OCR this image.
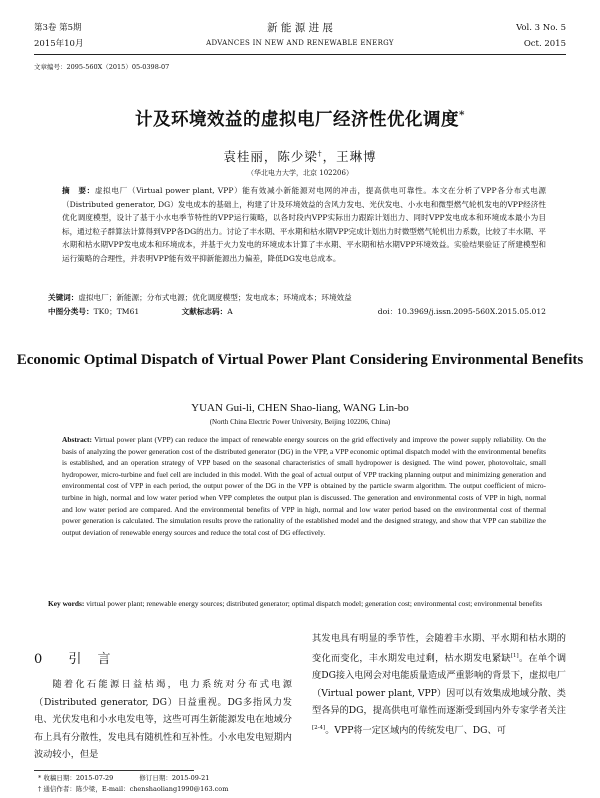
第3卷 第5期
2015年10月
新 能 源 进 展
ADVANCES IN NEW AND RENEWABLE ENERGY
Vol. 3 No. 5
Oct. 2015
文章编号：2095-560X（2015）05-0398-07
计及环境效益的虚拟电厂经济性优化调度*
袁桂丽，陈少梁†，王琳博
（华北电力大学，北京 102206）
摘　要：虚拟电厂（Virtual power plant, VPP）能有效减小新能源对电网的冲击，提高供电可靠性。本文在分析了VPP各分布式电源（Distributed generator, DG）发电成本的基础上，构建了计及环境效益的含风力发电、光伏发电、小水电和微型燃气轮机发电的VPP经济性优化调度模型，设计了基于小水电季节特性的VPP运行策略，以各时段内VPP实际出力跟踪计划出力、同时VPP发电成本和环境成本最小为目标，通过粒子群算法计算得到VPP各DG的出力。讨论了丰水期、平水期和枯水期VPP完成计划出力时微型燃气轮机出力系数，比较了丰水期、平水期和枯水期VPP发电成本和环境成本，并基于火力发电的环境成本计算了丰水期、平水期和枯水期VPP环境效益。实验结果验证了所建模型和运行策略的合理性，并表明VPP能有效平抑新能源出力偏差，降低DG发电总成本。
关键词：虚拟电厂；新能源；分布式电源；优化调度模型；发电成本；环境成本；环境效益
中图分类号：TK0；TM61	文献标志码：A	doi：10.3969/j.issn.2095-560X.2015.05.012
Economic Optimal Dispatch of Virtual Power Plant Considering Environmental Benefits
YUAN Gui-li, CHEN Shao-liang, WANG Lin-bo
(North China Electric Power University, Beijing 102206, China)
Abstract: Virtual power plant (VPP) can reduce the impact of renewable energy sources on the grid effectively and improve the power supply reliability. On the basis of analyzing the power generation cost of the distributed generator (DG) in the VPP, a VPP economic optimal dispatch model with the environmental benefits is established, and an operation strategy of VPP based on the seasonal characteristics of small hydropower is designed. The wind power, photovoltaic, small hydropower, micro-turbine and fuel cell are included in this model. With the goal of actual output of VPP tracking planning output and minimizing generation and environmental cost of VPP in each period, the output power of the DG in the VPP is obtained by the particle swarm algorithm. The output coefficient of micro-turbine in high, normal and low water period when VPP completes the output plan is discussed. The generation and environmental costs of VPP in high, normal and low water period are compared. And the environmental benefits of VPP in high, normal and low water period based on the environmental cost of thermal power generation is calculated. The simulation results prove the rationality of the established model and the designed strategy, and show that VPP can stabilize the output deviation of renewable energy sources and reduce the total cost of DG effectively.
Key words: virtual power plant; renewable energy sources; distributed generator; optimal dispatch model; generation cost; environmental cost; environmental benefits
0 引 言
随着化石能源日益枯竭，电力系统对分布式电源（Distributed generator, DG）日益重视。DG多指风力发电、光伏发电和小水电发电等，这些可再生新能源发电在地域分布上具有分散性，发电具有随机性和互补性。小水电发电短期内波动较小，但是
其发电具有明显的季节性，会随着丰水期、平水期和枯水期的变化而变化，丰水期发电过剩，枯水期发电紧缺[1]。在单个调度DG接入电网会对电能质量造成严重影响的背景下，虚拟电厂（Virtual power plant, VPP）因可以有效集成地域分散、类型各异的DG，提高供电可靠性而逐渐受到国内外专家学者关注[2-4]。VPP将一定区域内的传统发电厂、DG、可
* 收稿日期：2015-07-29	修订日期：2015-09-21
† 通信作者：陈少梁，E-mail：chenshaoliang1990@163.com
